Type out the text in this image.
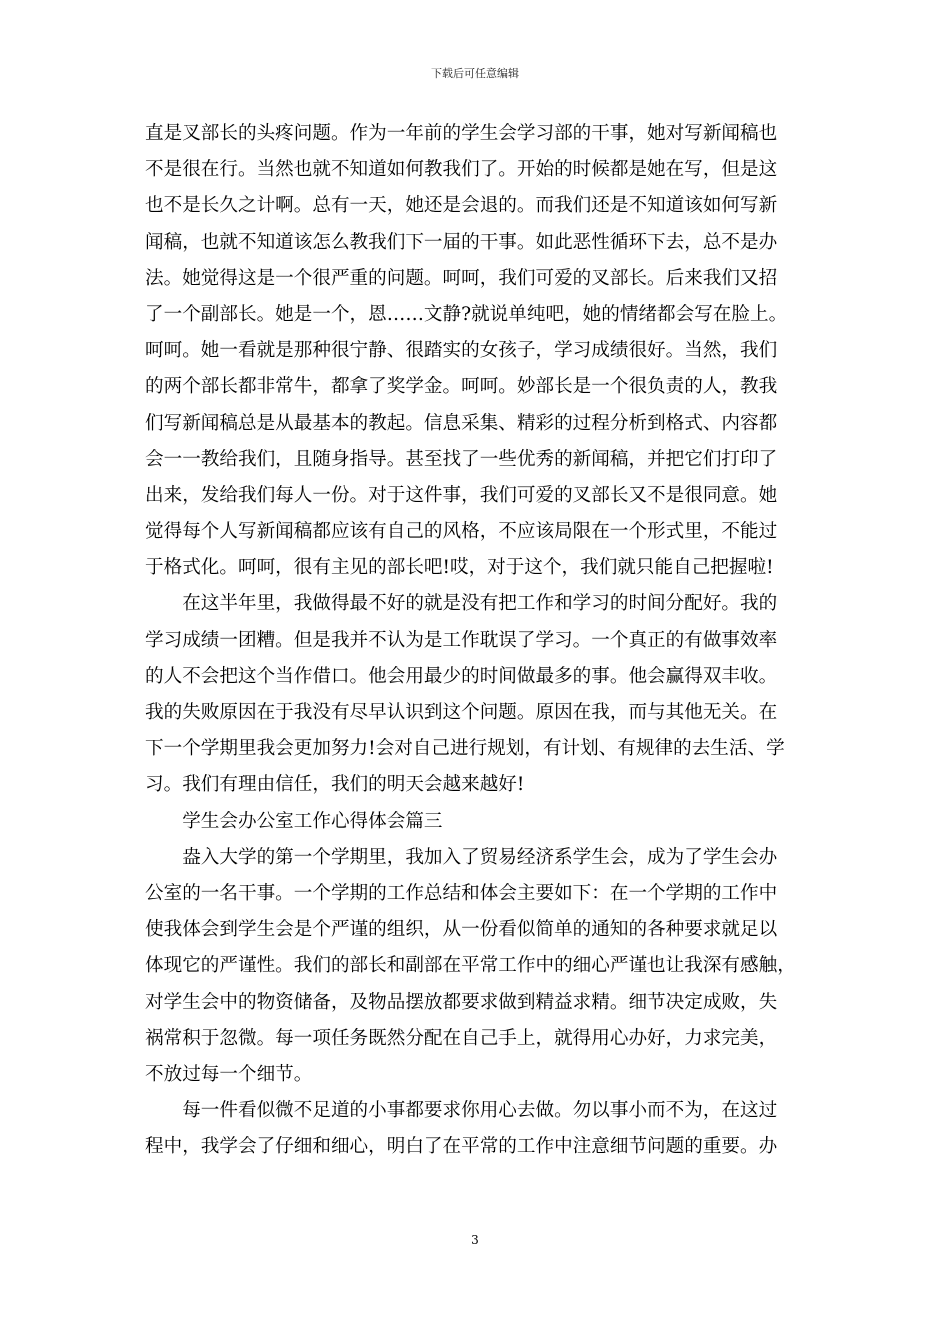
下载后可任意编辑
直是叉部长的头疼问题。作为一年前的学生会学习部的干事，她对写新闻稿也
不是很在行。当然也就不知道如何教我们了。开始的时候都是她在写，但是这
也不是长久之计啊。总有一天，她还是会退的。而我们还是不知道该如何写新
闻稿，也就不知道该怎么教我们下一届的干事。如此恶性循环下去，总不是办
法。她觉得这是一个很严重的问题。呵呵，我们可爱的叉部长。后来我们又招
了一个副部长。她是一个，恩……文静?就说单纯吧，她的情绪都会写在脸上。
呵呵。她一看就是那种很宁静、很踏实的女孩子，学习成绩很好。当然，我们
的两个部长都非常牛，都拿了奖学金。呵呵。妙部长是一个很负责的人，教我
们写新闻稿总是从最基本的教起。信息采集、精彩的过程分析到格式、内容都
会一一教给我们，且随身指导。甚至找了一些优秀的新闻稿，并把它们打印了
出来，发给我们每人一份。对于这件事，我们可爱的叉部长又不是很同意。她
觉得每个人写新闻稿都应该有自己的风格，不应该局限在一个形式里，不能过
于格式化。呵呵，很有主见的部长吧!哎，对于这个，我们就只能自己把握啦!
　　在这半年里，我做得最不好的就是没有把工作和学习的时间分配好。我的
学习成绩一团糟。但是我并不认为是工作耽误了学习。一个真正的有做事效率
的人不会把这个当作借口。他会用最少的时间做最多的事。他会赢得双丰收。
我的失败原因在于我没有尽早认识到这个问题。原因在我，而与其他无关。在
下一个学期里我会更加努力!会对自己进行规划，有计划、有规律的去生活、学
习。我们有理由信任，我们的明天会越来越好!
　　学生会办公室工作心得体会篇三
　　盎入大学的第一个学期里，我加入了贸易经济系学生会，成为了学生会办
公室的一名干事。一个学期的工作总结和体会主要如下：在一个学期的工作中
使我体会到学生会是个严谨的组织，从一份看似简单的通知的各种要求就足以
体现它的严谨性。我们的部长和副部在平常工作中的细心严谨也让我深有感触，
对学生会中的物资储备，及物品摆放都要求做到精益求精。细节决定成败，失
祸常积于忽微。每一项任务既然分配在自己手上，就得用心办好，力求完美，
不放过每一个细节。
　　每一件看似微不足道的小事都要求你用心去做。勿以事小而不为，在这过
程中，我学会了仔细和细心，明白了在平常的工作中注意细节问题的重要。办
3
